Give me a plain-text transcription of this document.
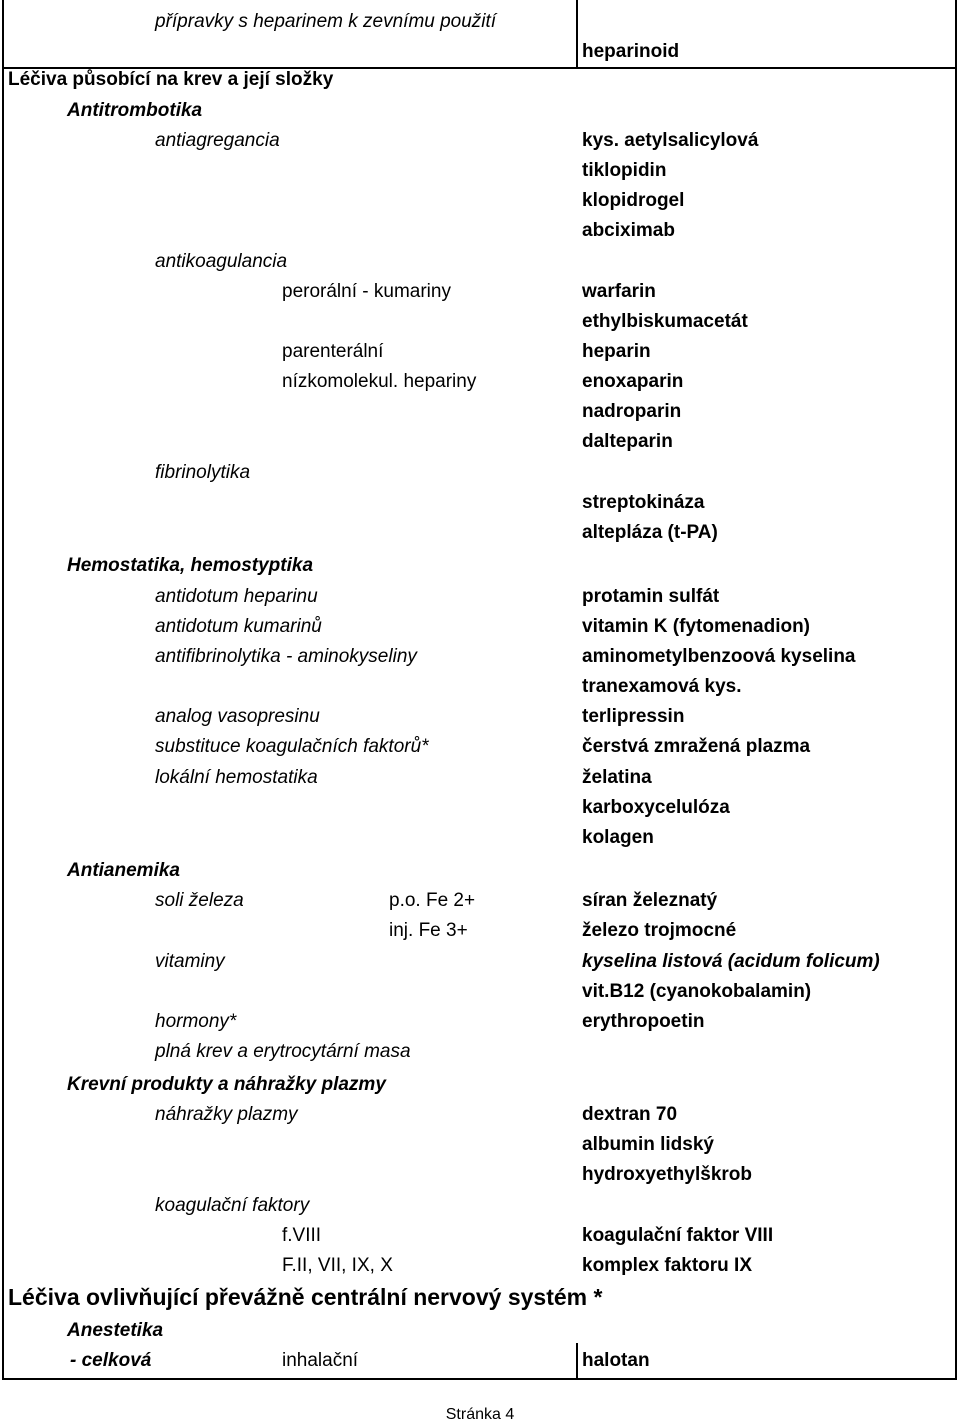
přípravky s heparinem k zevnímu použití
heparinoid
Léčiva působící na krev a její složky
Antitrombotika
antiagregancia	kys. aetylsalicylová
tiklopidin
klopidrogel
abciximab
antikoagulancia
perorální - kumariny	warfarin
ethylbiskumacetát
parenterální	heparin
nízkomolekul. hepariny	enoxaparin
nadroparin
dalteparin
fibrinolytika
streptokináza
altepláza (t-PA)
Hemostatika, hemostyptika
antidotum heparinu	protamin sulfát
antidotum kumarinů	vitamin K (fytomenadion)
antifibrinolytika - aminokyseliny	aminometylbenzoová kyselina
tranexamová kys.
analog vasopresinu	terlipressin
substituce koagulačních faktorů*	čerstvá zmražená plazma
lokální hemostatika	želatina
karboxycelulóza
kolagen
Antianemika
soli železa	p.o. Fe 2+	síran železnatý
inj. Fe 3+	železo trojmocné
vitaminy	kyselina listová (acidum folicum)
vit.B12 (cyanokobalamin)
hormony*	erythropoetin
plná krev a erytrocytární masa
Krevní produkty a náhražky plazmy
náhražky plazmy	dextran 70
albumin lidský
hydroxyethylškrob
koagulační faktory
f.VIII	koagulační faktor VIII
F.II, VII, IX, X	komplex faktoru IX
Léčiva ovlivňující převážně centrální nervový systém *
Anestetika
- celková	inhalační	halotan
Stránka 4
